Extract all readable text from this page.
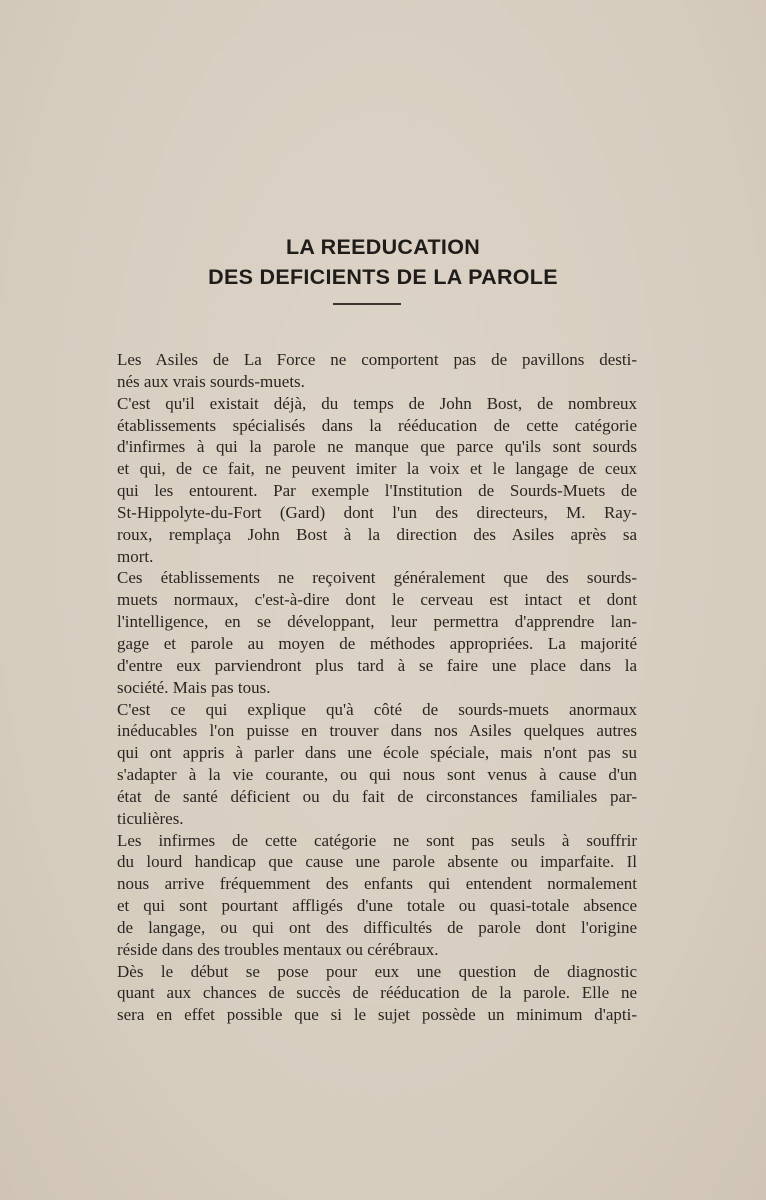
LA REEDUCATION
DES DEFICIENTS DE LA PAROLE
Les Asiles de La Force ne comportent pas de pavillons desti-
nés aux vrais sourds-muets.
C'est qu'il existait déjà, du temps de John Bost, de nombreux
établissements spécialisés dans la rééducation de cette catégorie
d'infirmes à qui la parole ne manque que parce qu'ils sont sourds
et qui, de ce fait, ne peuvent imiter la voix et le langage de ceux
qui les entourent. Par exemple l'Institution de Sourds-Muets de
St-Hippolyte-du-Fort (Gard) dont l'un des directeurs, M. Ray-
roux, remplaça John Bost à la direction des Asiles après sa
mort.
Ces établissements ne reçoivent généralement que des sourds-
muets normaux, c'est-à-dire dont le cerveau est intact et dont
l'intelligence, en se développant, leur permettra d'apprendre lan-
gage et parole au moyen de méthodes appropriées. La majorité
d'entre eux parviendront plus tard à se faire une place dans la
société. Mais pas tous.
C'est ce qui explique qu'à côté de sourds-muets anormaux
inéducables l'on puisse en trouver dans nos Asiles quelques autres
qui ont appris à parler dans une école spéciale, mais n'ont pas su
s'adapter à la vie courante, ou qui nous sont venus à cause d'un
état de santé déficient ou du fait de circonstances familiales par-
ticulières.
Les infirmes de cette catégorie ne sont pas seuls à souffrir
du lourd handicap que cause une parole absente ou imparfaite. Il
nous arrive fréquemment des enfants qui entendent normalement
et qui sont pourtant affligés d'une totale ou quasi-totale absence
de langage, ou qui ont des difficultés de parole dont l'origine
réside dans des troubles mentaux ou cérébraux.
Dès le début se pose pour eux une question de diagnostic
quant aux chances de succès de rééducation de la parole. Elle ne
sera en effet possible que si le sujet possède un minimum d'apti-
